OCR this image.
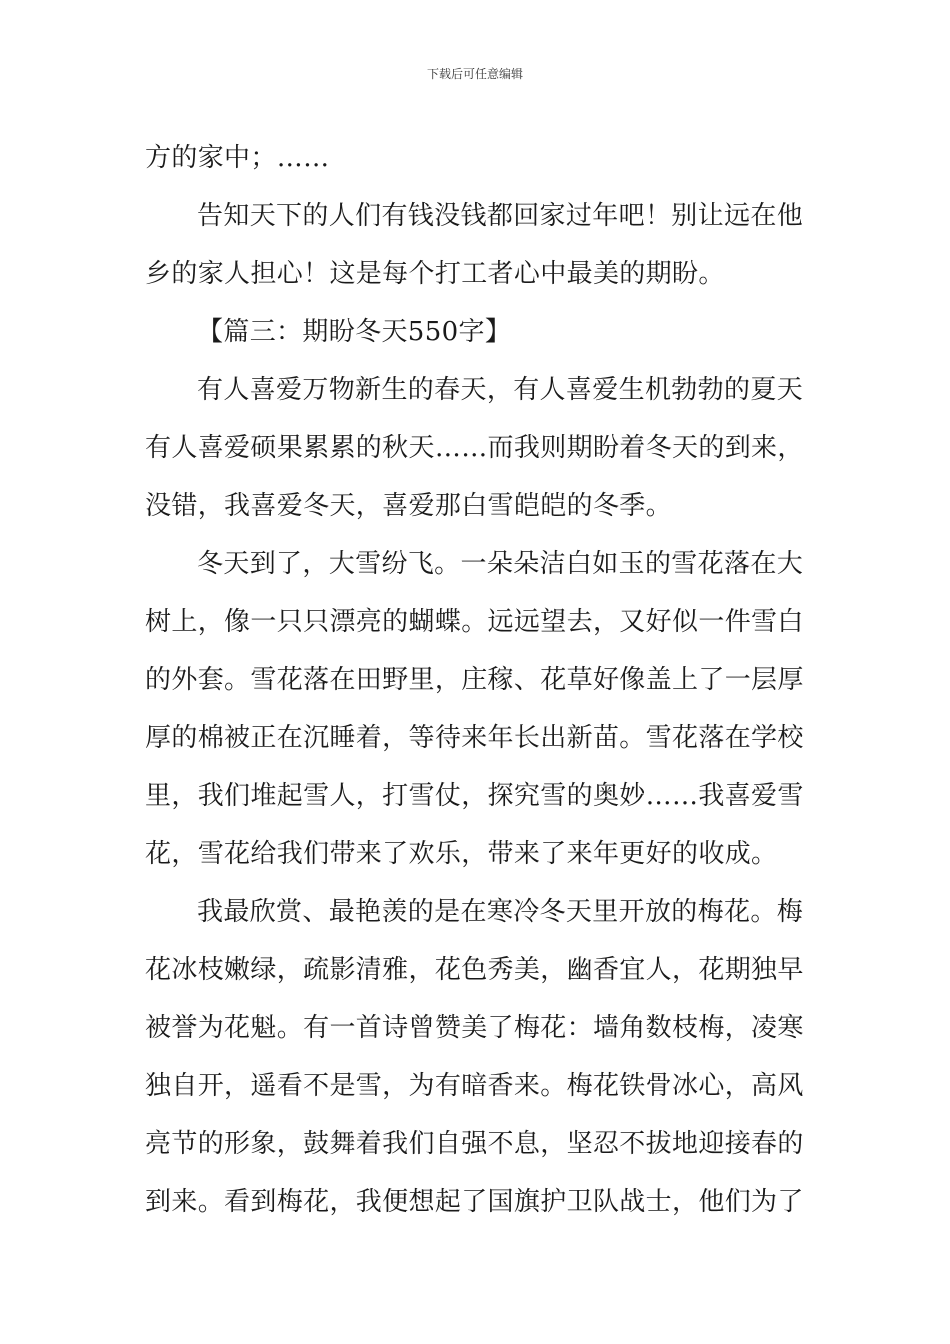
下载后可任意编辑
方的家中；……
告知天下的人们有钱没钱都回家过年吧！别让远在他
乡的家人担心！这是每个打工者心中最美的期盼。
【篇三：期盼冬天550字】
有人喜爱万物新生的春天，有人喜爱生机勃勃的夏天
有人喜爱硕果累累的秋天……而我则期盼着冬天的到来，
没错，我喜爱冬天，喜爱那白雪皑皑的冬季。
冬天到了，大雪纷飞。一朵朵洁白如玉的雪花落在大
树上，像一只只漂亮的蝴蝶。远远望去，又好似一件雪白
的外套。雪花落在田野里，庄稼、花草好像盖上了一层厚
厚的棉被正在沉睡着，等待来年长出新苗。雪花落在学校
里，我们堆起雪人，打雪仗，探究雪的奥妙……我喜爱雪
花，雪花给我们带来了欢乐，带来了来年更好的收成。
我最欣赏、最艳羡的是在寒冷冬天里开放的梅花。梅
花冰枝嫩绿，疏影清雅，花色秀美，幽香宜人，花期独早
被誉为花魁。有一首诗曾赞美了梅花：墙角数枝梅，凌寒
独自开，遥看不是雪，为有暗香来。梅花铁骨冰心，高风
亮节的形象，鼓舞着我们自强不息，坚忍不拔地迎接春的
到来。看到梅花，我便想起了国旗护卫队战士，他们为了
